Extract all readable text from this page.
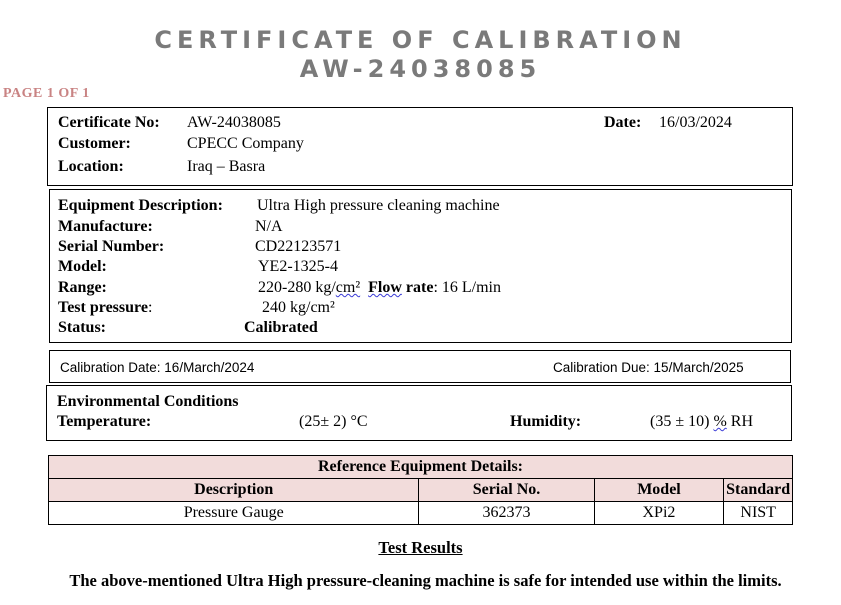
CERTIFICATE OF CALIBRATION
AW-24038085
PAGE 1 OF 1
Certificate No: AW-24038085	Date: 16/03/2024
Customer:	CPECC Company
Location:	Iraq – Basra
Equipment Description: Ultra High pressure cleaning machine
Manufacture:	N/A
Serial Number:	CD22123571
Model:	YE2-1325-4
Range:	220-280 kg/cm² Flow rate: 16 L/min
Test pressure:	240 kg/cm²
Status:	Calibrated
Calibration Date: 16/March/2024	Calibration Due: 15/March/2025
Environmental Conditions
Temperature:	(25± 2) °C	Humidity:	(35 ± 10) % RH
Reference Equipment Details:			
Description	Serial No.	Model	Standard
Pressure Gauge	362373	XPi2	NIST
Test Results
The above-mentioned Ultra High pressure-cleaning machine is safe for intended use within the limits.
